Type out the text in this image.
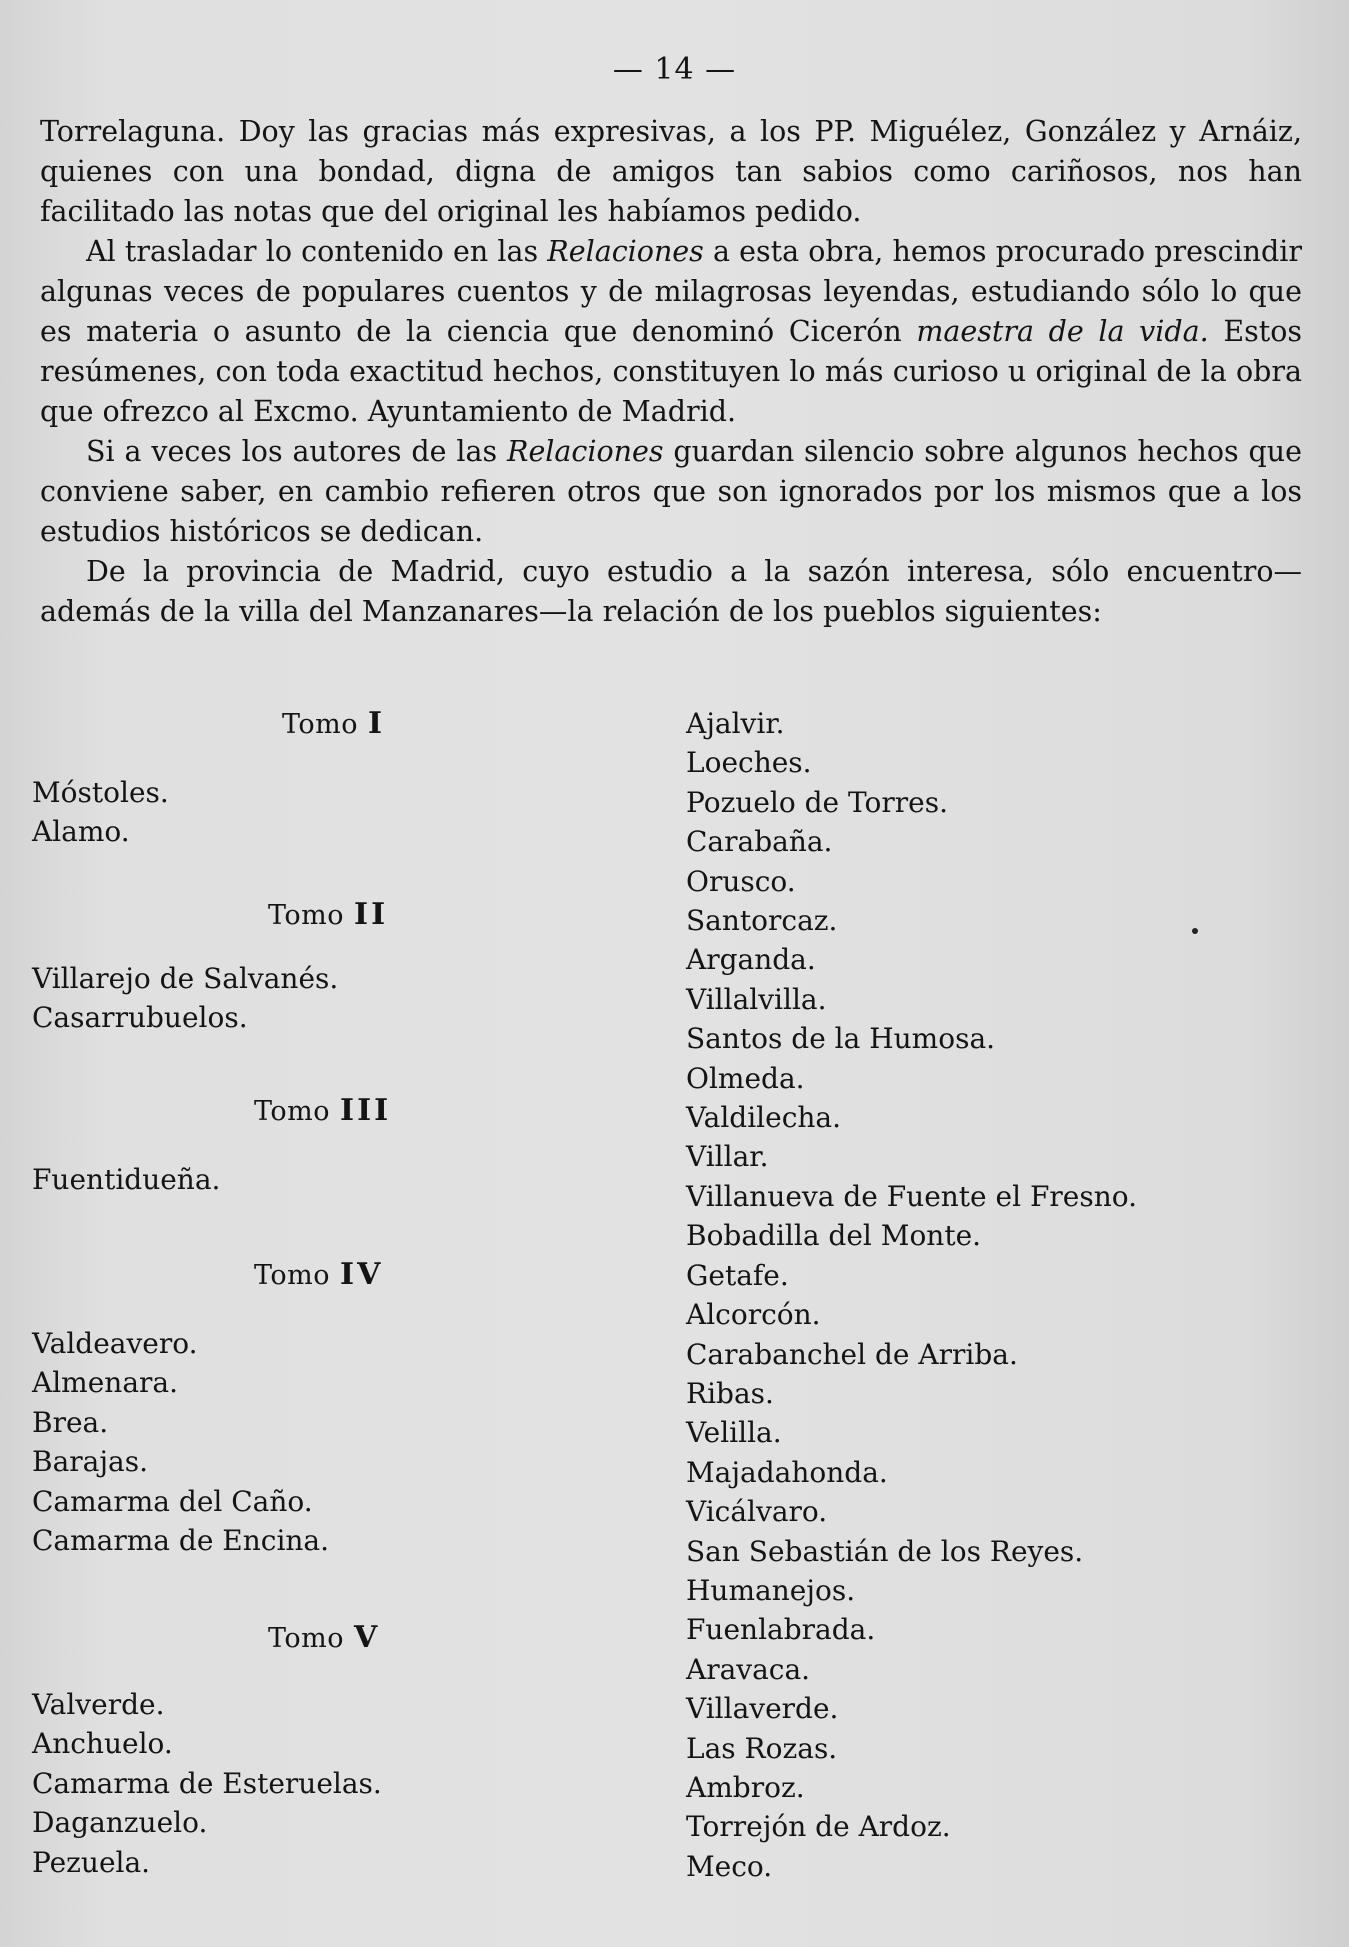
— 14 —

Torrelaguna. Doy las gracias más expresivas, a los PP. Miguélez, González y Arnáiz, quienes con una bondad, digna de amigos tan sabios como cariñosos, nos han facilitado las notas que del original les habíamos pedido.

Al trasladar lo contenido en las Relaciones a esta obra, hemos procurado prescindir algunas veces de populares cuentos y de milagrosas leyendas, estudiando sólo lo que es materia o asunto de la ciencia que denominó Cicerón maestra de la vida. Estos resúmenes, con toda exactitud hechos, constituyen lo más curioso u original de la obra que ofrezco al Excmo. Ayuntamiento de Madrid.

Si a veces los autores de las Relaciones guardan silencio sobre algunos hechos que conviene saber, en cambio refieren otros que son ignorados por los mismos que a los estudios históricos se dedican.

De la provincia de Madrid, cuyo estudio a la sazón interesa, sólo encuentro—además de la villa del Manzanares—la relación de los pueblos siguientes:

Tomo I
Móstoles.
Alamo.
Tomo II
Villarejo de Salvanés.
Casarrubuelos.
Tomo III
Fuentidueña.
Tomo IV
Valdeavero.
Almenara.
Brea.
Barajas.
Camarma del Caño.
Camarma de Encina.
Tomo V
Valverde.
Anchuelo.
Camarma de Esteruelas.
Daganzuelo.
Pezuela.
Ajalvir.
Loeches.
Pozuelo de Torres.
Carabaña.
Orusco.
Santorcaz.
Arganda.
Villalvilla.
Santos de la Humosa.
Olmeda.
Valdilecha.
Villar.
Villanueva de Fuente el Fresno.
Bobadilla del Monte.
Getafe.
Alcorcón.
Carabanchel de Arriba.
Ribas.
Velilla.
Majadahonda.
Vicálvaro.
San Sebastián de los Reyes.
Humanejos.
Fuenlabrada.
Aravaca.
Villaverde.
Las Rozas.
Ambroz.
Torrejón de Ardoz.
Meco.
